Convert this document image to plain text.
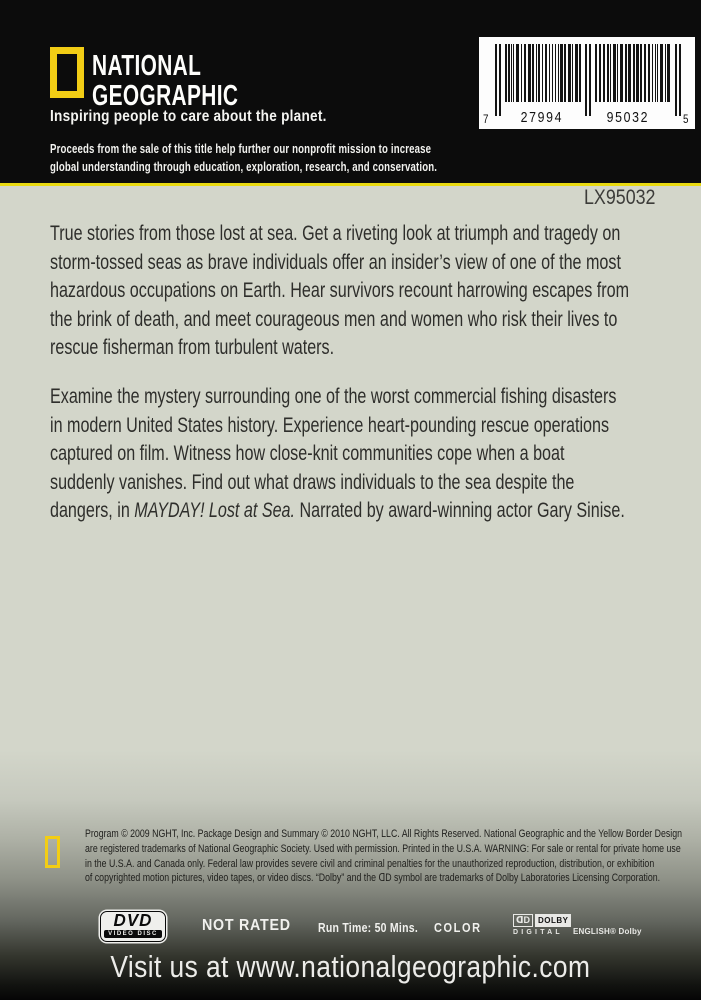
NATIONAL
GEOGRAPHIC
Inspiring people to care about the planet.
Proceeds from the sale of this title help further our nonprofit mission to increase
global understanding through education, exploration, research, and conservation.
7 27994	95032	5
LX95032
True stories from those lost at sea. Get a riveting look at triumph and tragedy on
storm-tossed seas as brave individuals offer an insider’s view of one of the most
hazardous occupations on Earth. Hear survivors recount harrowing escapes from
the brink of death, and meet courageous men and women who risk their lives to
rescue fisherman from turbulent waters.
Examine the mystery surrounding one of the worst commercial fishing disasters
in modern United States history. Experience heart-pounding rescue operations
captured on film. Witness how close-knit communities cope when a boat
suddenly vanishes. Find out what draws individuals to the sea despite the
dangers, in MAYDAY! Lost at Sea. Narrated by award-winning actor Gary Sinise.
Program © 2009 NGHT, Inc. Package Design and Summary © 2010 NGHT, LLC. All Rights Reserved. National Geographic and the Yellow Border Design
are registered trademarks of National Geographic Society. Used with permission. Printed in the U.S.A. WARNING: For sale or rental for private home use
in the U.S.A. and Canada only. Federal law provides severe civil and criminal penalties for the unauthorized reproduction, distribution, or exhibition
of copyrighted motion pictures, video tapes, or video discs. “Dolby” and the ᗡD symbol are trademarks of Dolby Laboratories Licensing Corporation.
DVD
VIDEO DISC	NOT RATED Run Time: 50 Mins. COLOR
ᗡD	DOLBY
DIGITAL	ENGLISH® Dolby
Visit us at www.nationalgeographic.com
